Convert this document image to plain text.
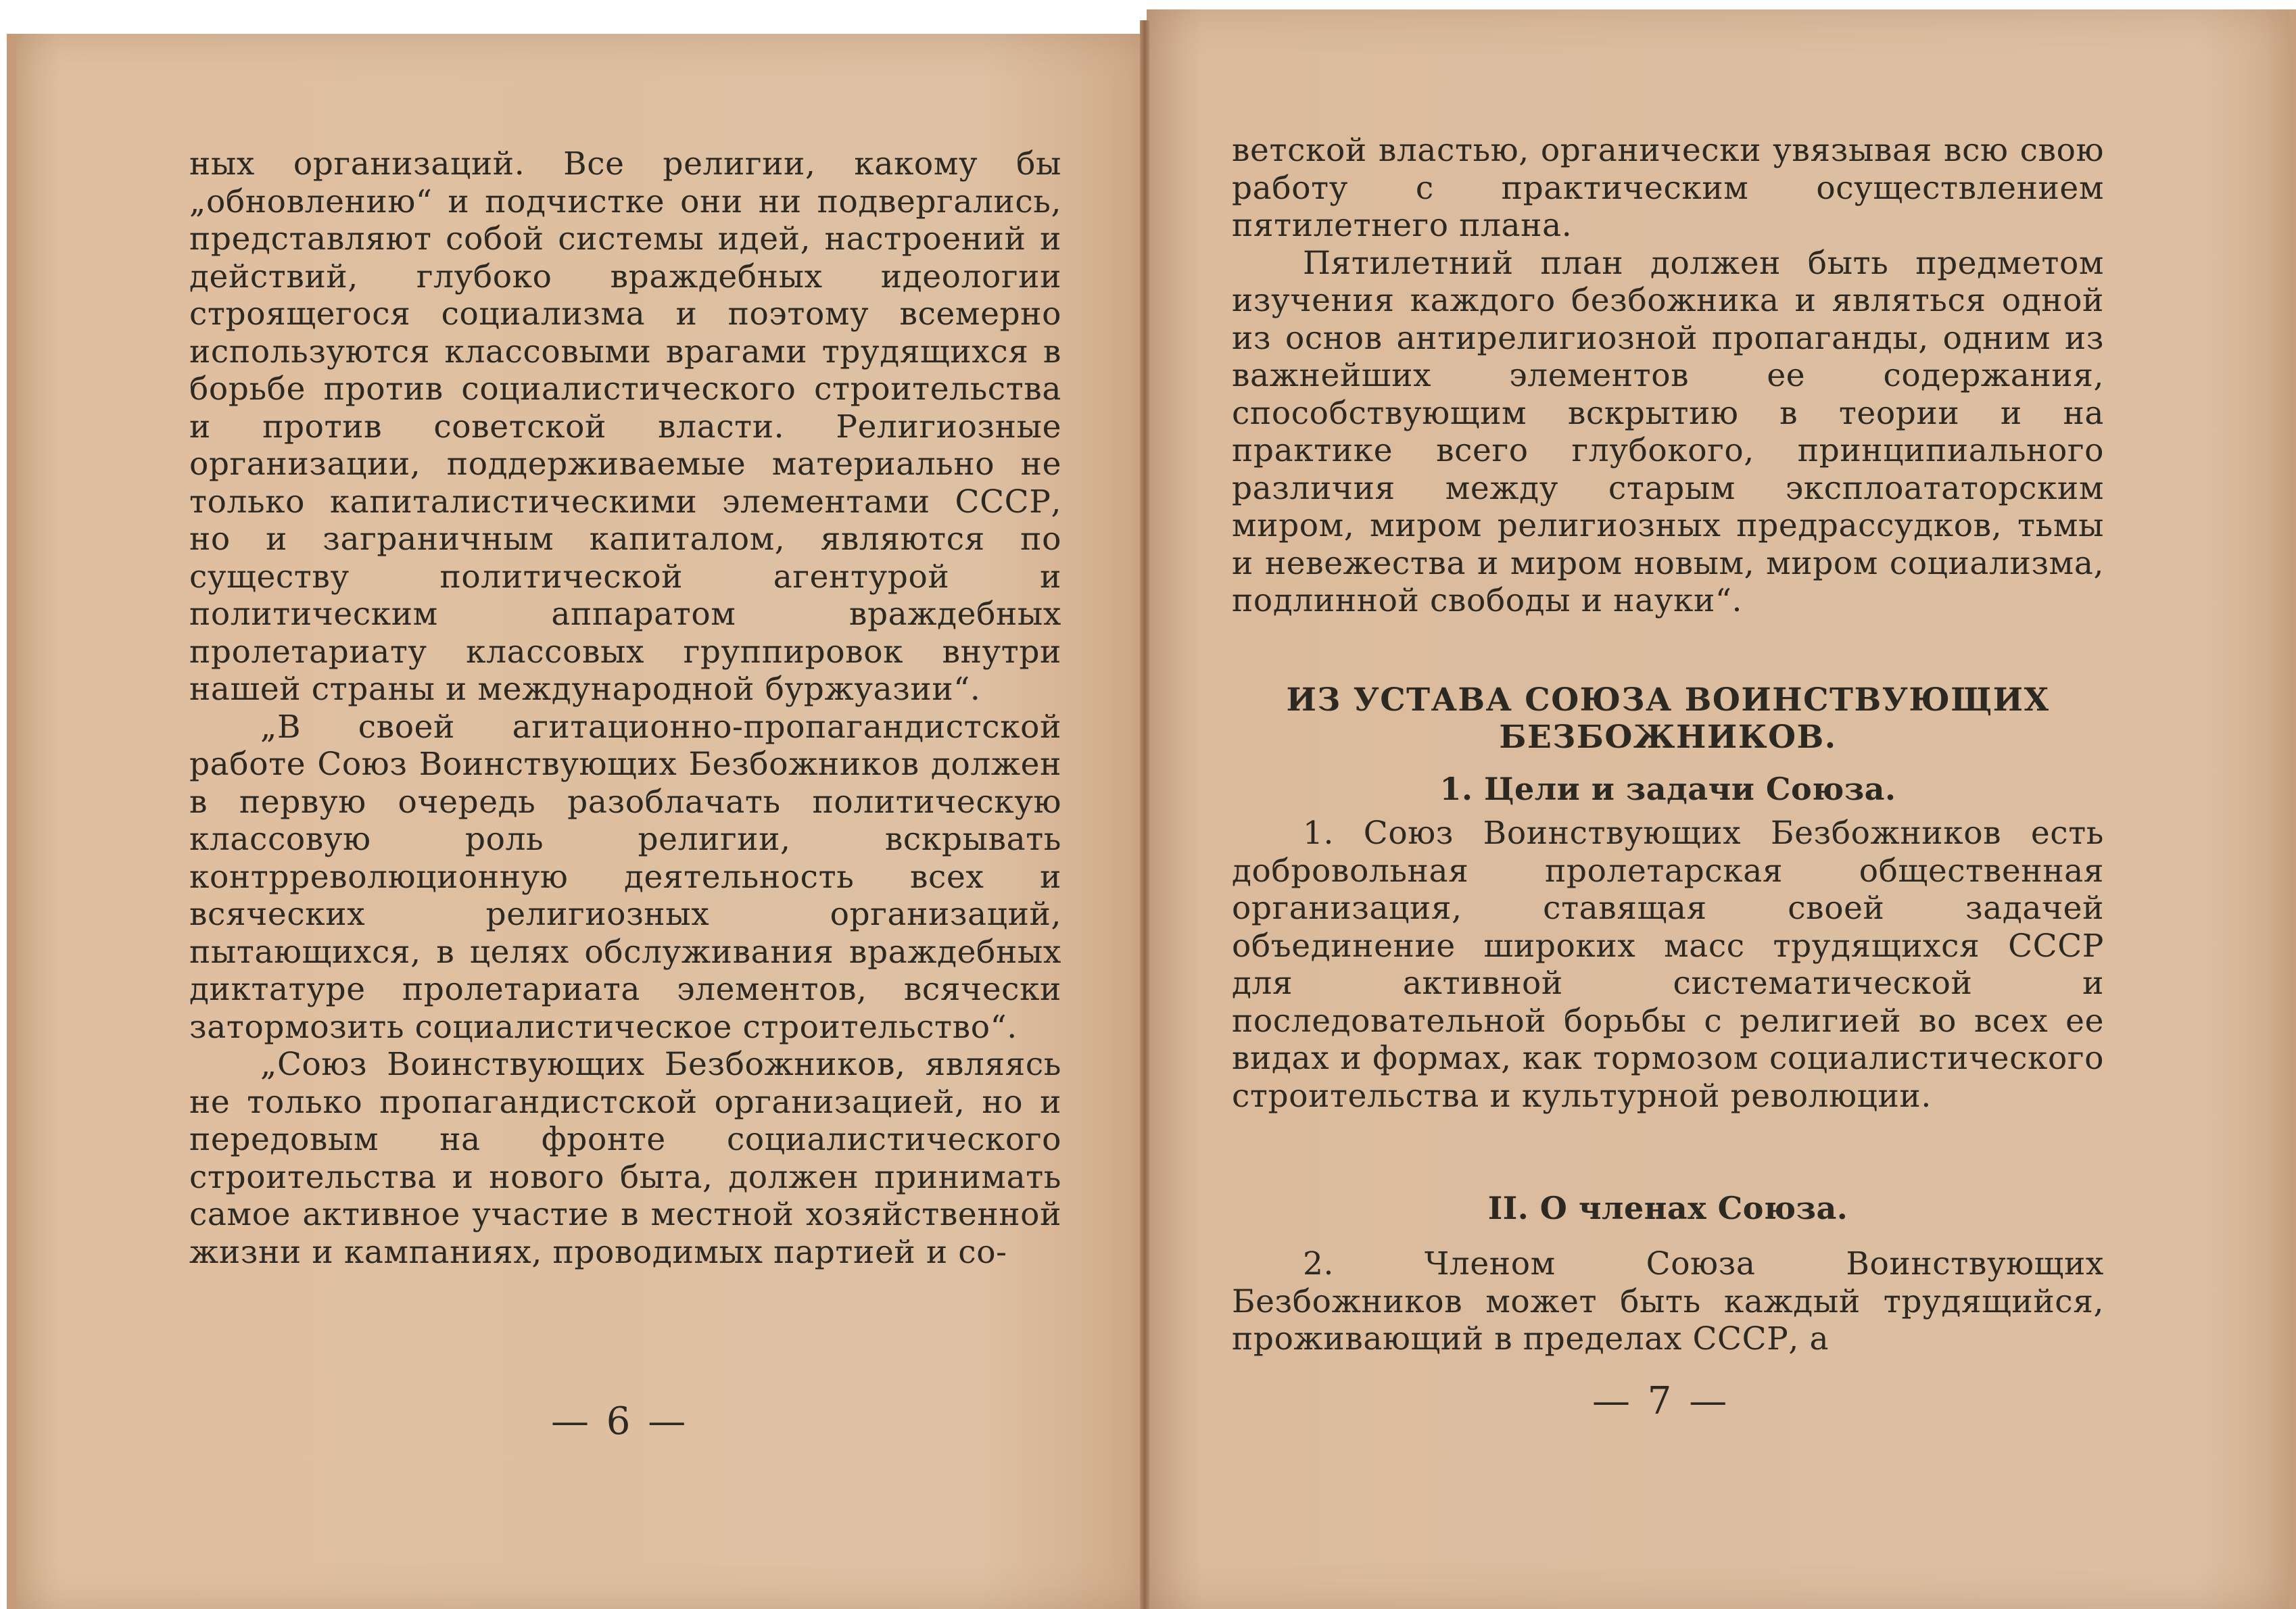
ных организаций. Все религии, какому бы „обновлению“ и подчистке они ни подвергались, представляют собой системы идей, настроений и действий, глубоко враждебных идеологии строящегося социализма и поэтому всемерно используются классовыми врагами трудящихся в борьбе против социалистического строительства и против советской власти. Религиозные организации, поддерживаемые материально не только капиталистическими элементами СССР, но и заграничным капиталом, являются по существу политической агентурой и политическим аппаратом враждебных пролетариату классовых группировок внутри нашей страны и международной буржуазии“.

„В своей агитационно-пропагандистской работе Союз Воинствующих Безбожников должен в первую очередь разоблачать политическую классовую роль религии, вскрывать контрреволюционную деятельность всех и всяческих религиозных организаций, пытающихся, в целях обслуживания враждебных диктатуре пролетариата элементов, всячески затормозить социалистическое строительство“.

„Союз Воинствующих Безбожников, являясь не только пропагандистской организацией, но и передовым на фронте социалистического строительства и нового быта, должен принимать самое активное участие в местной хозяйственной жизни и кампаниях, проводимых партией и со-

— 6 —

ветской властью, органически увязывая всю свою работу с практическим осуществлением пятилетнего плана.

Пятилетний план должен быть предметом изучения каждого безбожника и являться одной из основ антирелигиозной пропаганды, одним из важнейших элементов ее содержания, способствующим вскрытию в теории и на практике всего глубокого, принципиального различия между старым эксплоататорским миром, миром религиозных предрассудков, тьмы и невежества и миром новым, миром социализма, подлинной свободы и науки“.

ИЗ УСТАВА СОЮЗА ВОИНСТВУЮЩИХ БЕЗБОЖНИКОВ.
1. Цели и задачи Союза.

1. Союз Воинствующих Безбожников есть добровольная пролетарская общественная организация, ставящая своей задачей объединение широких масс трудящихся СССР для активной систематической и последовательной борьбы с религией во всех ее видах и формах, как тормозом социалистического строительства и культурной революции.

II. О членах Союза.

2. Членом Союза Воинствующих Безбожников может быть каждый трудящийся, проживающий в пределах СССР, а

— 7 —
